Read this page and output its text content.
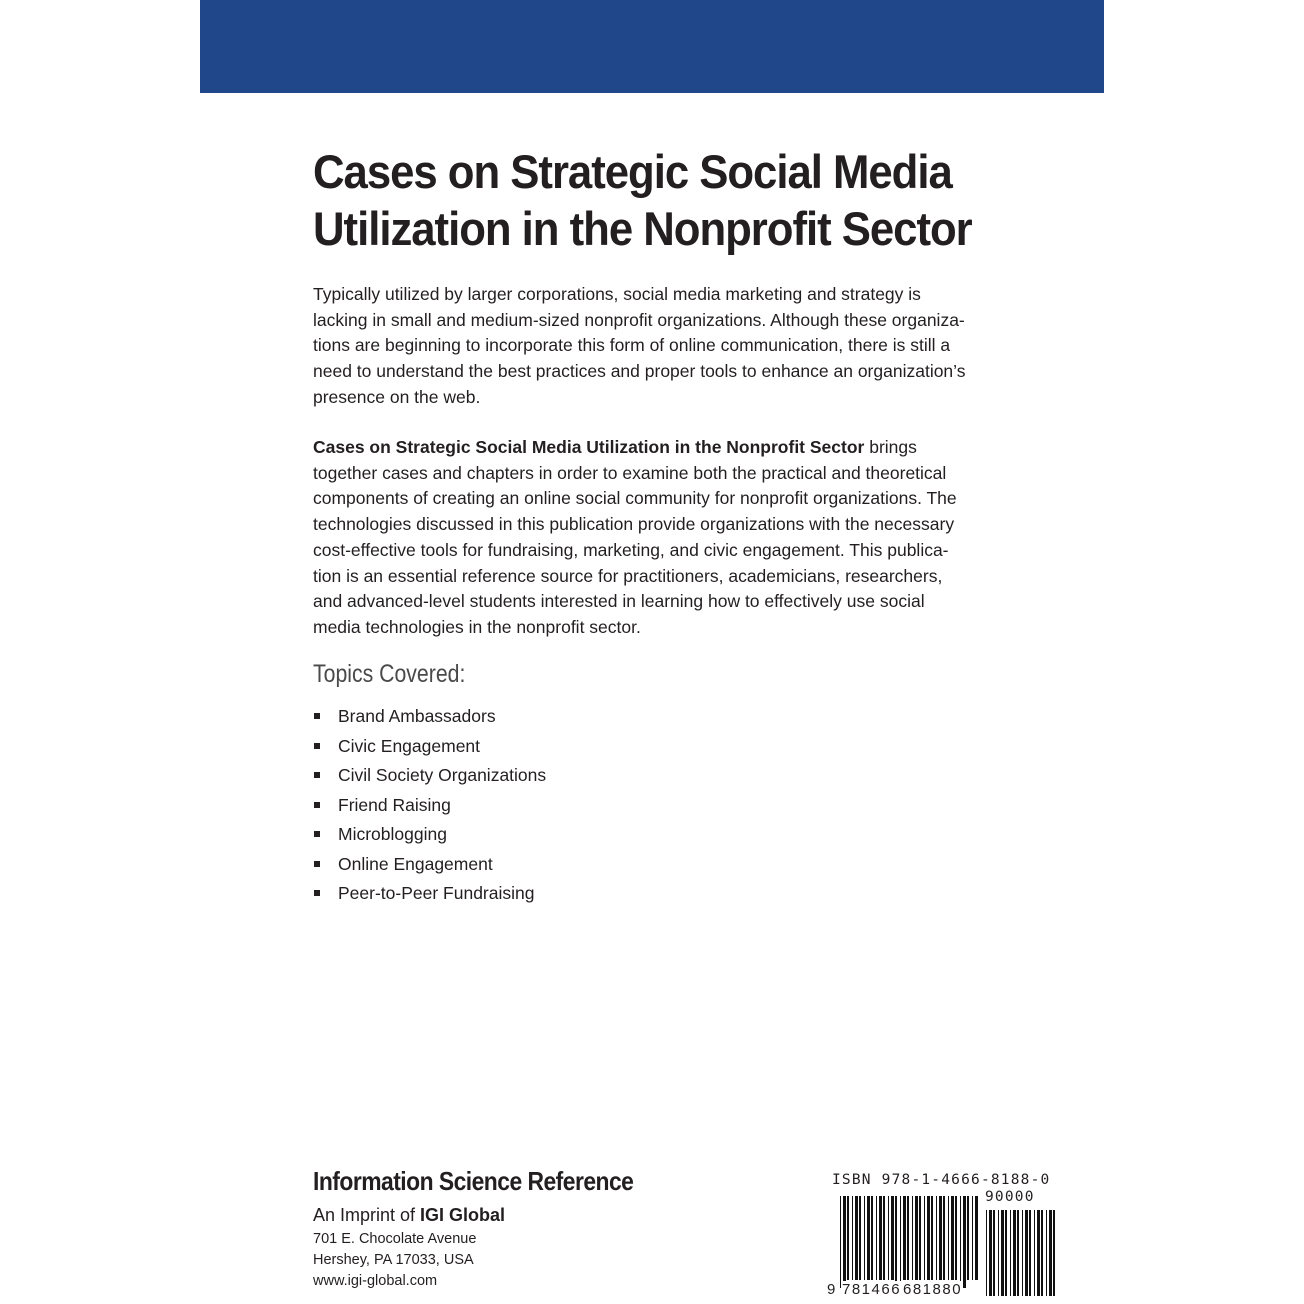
Cases on Strategic Social Media
Utilization in the Nonprofit Sector

Typically utilized by larger corporations, social media marketing and strategy is
lacking in small and medium-sized nonprofit organizations. Although these organiza-
tions are beginning to incorporate this form of online communication, there is still a
need to understand the best practices and proper tools to enhance an organization’s
presence on the web.

Cases on Strategic Social Media Utilization in the Nonprofit Sector brings
together cases and chapters in order to examine both the practical and theoretical
components of creating an online social community for nonprofit organizations. The
technologies discussed in this publication provide organizations with the necessary
cost-effective tools for fundraising, marketing, and civic engagement. This publica-
tion is an essential reference source for practitioners, academicians, researchers,
and advanced-level students interested in learning how to effectively use social
media technologies in the nonprofit sector.

Topics Covered:
Brand Ambassadors
Civic Engagement
Civil Society Organizations
Friend Raising
Microblogging
Online Engagement
Peer-to-Peer Fundraising
Information Science Reference
An Imprint of IGI Global
701 E. Chocolate Avenue
Hershey, PA 17033, USA
www.igi-global.com
ISBN 978-1-4666-8188-0
90000
9 781466 681880
